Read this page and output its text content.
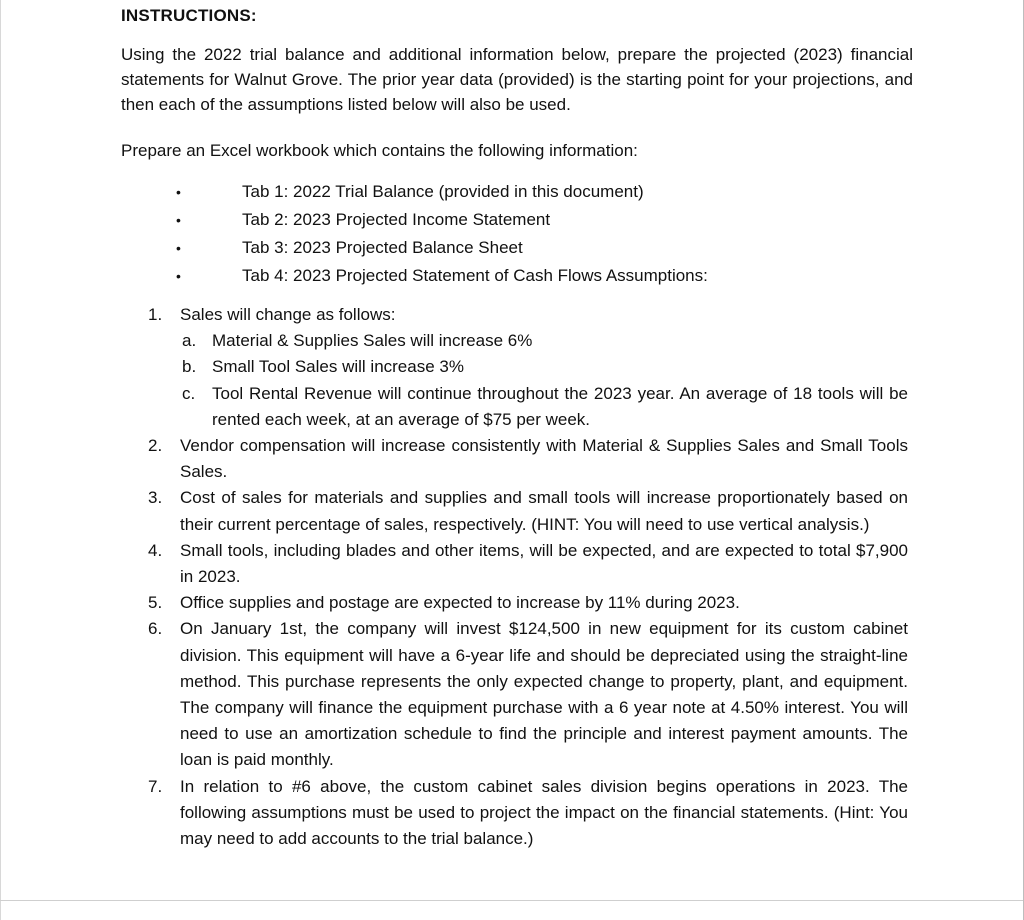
INSTRUCTIONS:

Using the 2022 trial balance and additional information below, prepare the projected (2023) financial statements for Walnut Grove. The prior year data (provided) is the starting point for your projections, and then each of the assumptions listed below will also be used.

Prepare an Excel workbook which contains the following information:

•	Tab 1: 2022 Trial Balance (provided in this document)
•	Tab 2: 2023 Projected Income Statement
•	Tab 3: 2023 Projected Balance Sheet
•	Tab 4: 2023 Projected Statement of Cash Flows Assumptions:
1. Sales will change as follows:
a. Material & Supplies Sales will increase 6%
b. Small Tool Sales will increase 3%
c. Tool Rental Revenue will continue throughout the 2023 year. An average of 18 tools will be rented each week, at an average of $75 per week.
2. Vendor compensation will increase consistently with Material & Supplies Sales and Small Tools Sales.
3. Cost of sales for materials and supplies and small tools will increase proportionately based on their current percentage of sales, respectively. (HINT: You will need to use vertical analysis.)
4. Small tools, including blades and other items, will be expected, and are expected to total $7,900 in 2023.
5. Office supplies and postage are expected to increase by 11% during 2023.
6. On January 1st, the company will invest $124,500 in new equipment for its custom cabinet division. This equipment will have a 6-year life and should be depreciated using the straight-line method. This purchase represents the only expected change to property, plant, and equipment. The company will finance the equipment purchase with a 6 year note at 4.50% interest. You will need to use an amortization schedule to find the principle and interest payment amounts. The loan is paid monthly.
7. In relation to #6 above, the custom cabinet sales division begins operations in 2023. The following assumptions must be used to project the impact on the financial statements. (Hint: You may need to add accounts to the trial balance.)
